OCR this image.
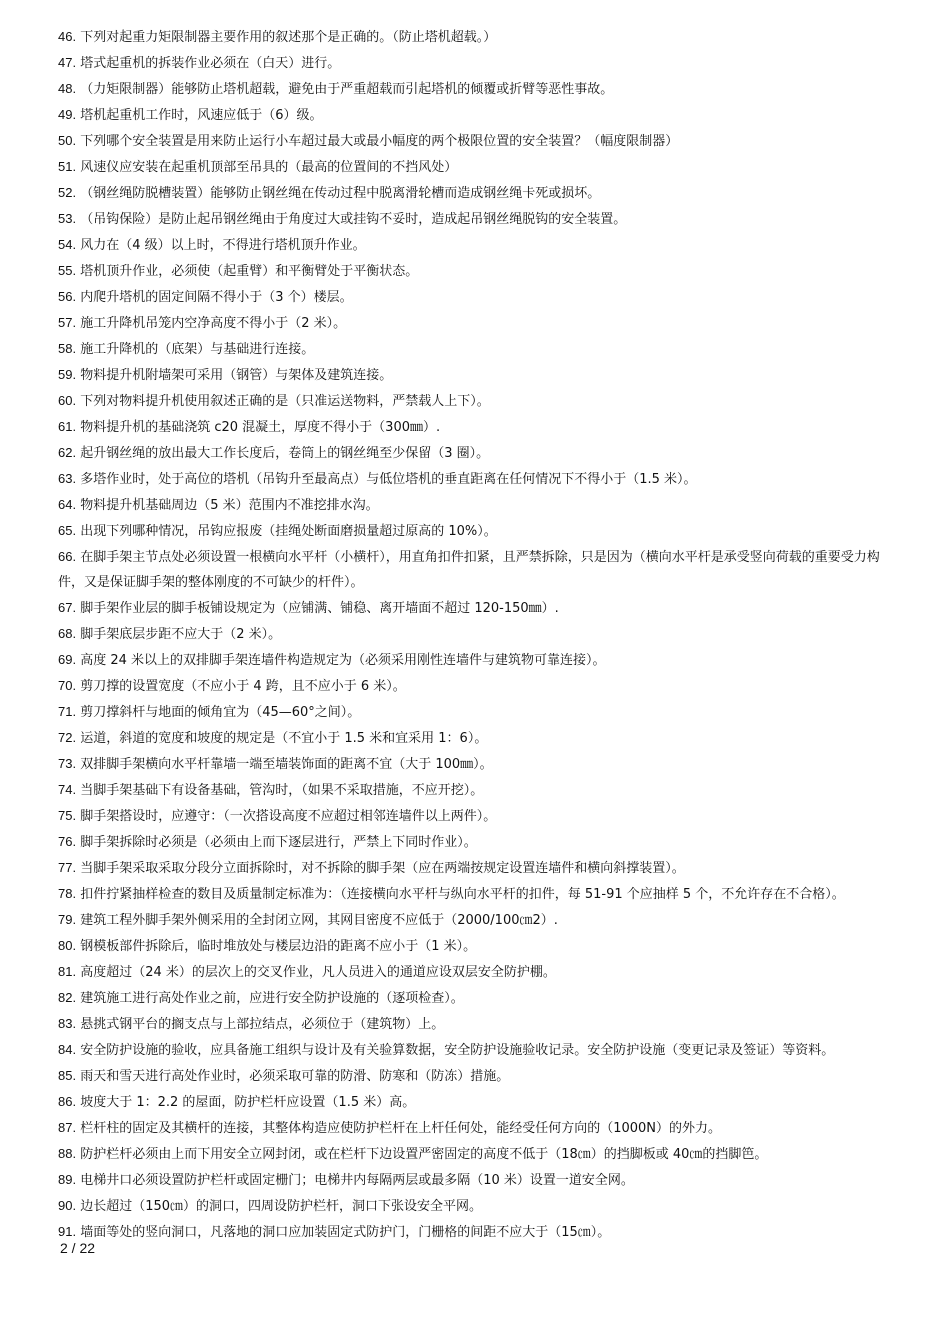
46. 下列对起重力矩限制器主要作用的叙述那个是正确的。（防止塔机超载。）

47. 塔式起重机的拆装作业必须在（白天）进行。

48. （力矩限制器）能够防止塔机超载，避免由于严重超载而引起塔机的倾覆或折臂等恶性事故。

49. 塔机起重机工作时，风速应低于（6）级。

50. 下列哪个安全装置是用来防止运行小车超过最大或最小幅度的两个极限位置的安全装置？（幅度限制器）

51. 风速仪应安装在起重机顶部至吊具的（最高的位置间的不挡风处）

52. （钢丝绳防脱槽装置）能够防止钢丝绳在传动过程中脱离滑轮槽而造成钢丝绳卡死或损坏。

53. （吊钩保险）是防止起吊钢丝绳由于角度过大或挂钩不妥时，造成起吊钢丝绳脱钩的安全装置。

54. 风力在（4 级）以上时，不得进行塔机顶升作业。

55. 塔机顶升作业，必须使（起重臂）和平衡臂处于平衡状态。

56. 内爬升塔机的固定间隔不得小于（3 个）楼层。

57. 施工升降机吊笼内空净高度不得小于（2 米）。

58. 施工升降机的（底架）与基础进行连接。

59. 物料提升机附墙架可采用（钢管）与架体及建筑连接。

60. 下列对物料提升机使用叙述正确的是（只准运送物料，严禁载人上下）。

61. 物料提升机的基础浇筑 c20 混凝土，厚度不得小于（300㎜）.

62. 起升钢丝绳的放出最大工作长度后，卷筒上的钢丝绳至少保留（3 圈）。

63. 多塔作业时，处于高位的塔机（吊钩升至最高点）与低位塔机的垂直距离在任何情况下不得小于（1.5 米）。

64. 物料提升机基础周边（5 米）范围内不准挖排水沟。

65. 出现下列哪种情况，吊钩应报废（挂绳处断面磨损量超过原高的 10%）。

66. 在脚手架主节点处必须设置一根横向水平杆（小横杆），用直角扣件扣紧，且严禁拆除，只是因为（横向水平杆是承受竖向荷载的重要受力构件，又是保证脚手架的整体刚度的不可缺少的杆件）。

67. 脚手架作业层的脚手板铺设规定为（应铺满、铺稳、离开墙面不超过 120-150㎜）.

68. 脚手架底层步距不应大于（2 米）。

69. 高度 24 米以上的双排脚手架连墙件构造规定为（必须采用刚性连墙件与建筑物可靠连接）。

70. 剪刀撑的设置宽度（不应小于 4 跨，且不应小于 6 米）。

71. 剪刀撑斜杆与地面的倾角宜为（45—60°之间）。

72. 运道，斜道的宽度和坡度的规定是（不宜小于 1.5 米和宜采用 1：6）。

73. 双排脚手架横向水平杆靠墙一端至墙装饰面的距离不宜（大于 100㎜）。

74. 当脚手架基础下有设备基础，管沟时，（如果不采取措施，不应开挖）。

75. 脚手架搭设时，应遵守：（一次搭设高度不应超过相邻连墙件以上两件）。

76. 脚手架拆除时必须是（必须由上而下逐层进行，严禁上下同时作业）。

77. 当脚手架采取采取分段分立面拆除时，对不拆除的脚手架（应在两端按规定设置连墙件和横向斜撑装置）。

78. 扣件拧紧抽样检查的数目及质量制定标准为：（连接横向水平杆与纵向水平杆的扣件，每 51-91 个应抽样 5 个，不允许存在不合格）。

79. 建筑工程外脚手架外侧采用的全封闭立网，其网目密度不应低于（2000/100㎝2）.

80. 钢模板部件拆除后，临时堆放处与楼层边沿的距离不应小于（1 米）。

81. 高度超过（24 米）的层次上的交叉作业，凡人员进入的通道应设双层安全防护棚。

82. 建筑施工进行高处作业之前，应进行安全防护设施的（逐项检查）。

83. 悬挑式钢平台的搁支点与上部拉结点，必须位于（建筑物）上。

84. 安全防护设施的验收，应具备施工组织与设计及有关验算数据，安全防护设施验收记录。安全防护设施（变更记录及签证）等资料。

85. 雨天和雪天进行高处作业时，必须采取可靠的防滑、防寒和（防冻）措施。

86. 坡度大于 1：2.2 的屋面，防护栏杆应设置（1.5 米）高。

87. 栏杆柱的固定及其横杆的连接，其整体构造应使防护栏杆在上杆任何处，能经受任何方向的（1000N）的外力。

88. 防护栏杆必须由上而下用安全立网封闭，或在栏杆下边设置严密固定的高度不低于（18㎝）的挡脚板或 40㎝的挡脚笆。

89. 电梯井口必须设置防护栏杆或固定栅门；电梯井内每隔两层或最多隔（10 米）设置一道安全网。

90. 边长超过（150㎝）的洞口，四周设防护栏杆，洞口下张设安全平网。

91. 墙面等处的竖向洞口，凡落地的洞口应加装固定式防护门，门栅格的间距不应大于（15㎝）。

2 / 22
